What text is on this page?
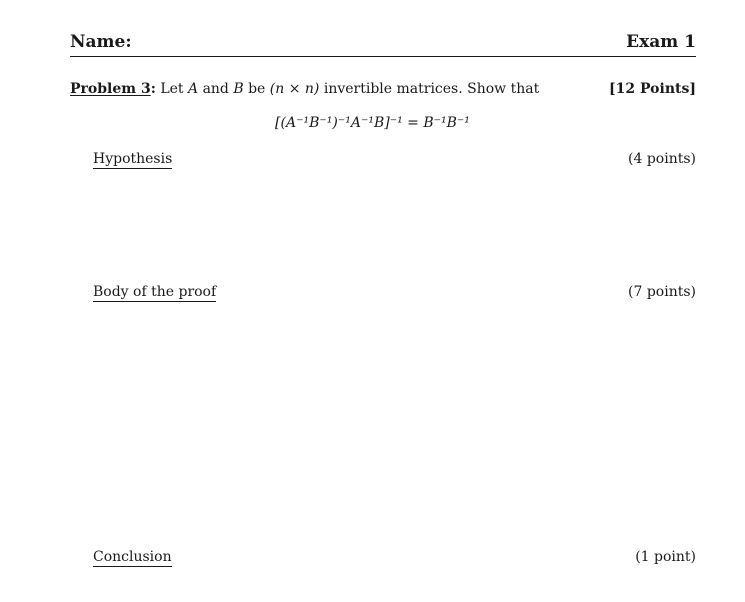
Name:	Exam 1
Problem 3: Let A and B be (n × n) invertible matrices. Show that	[12 Points]
[(A⁻¹B⁻¹)⁻¹A⁻¹B]⁻¹ = B⁻¹B⁻¹
Hypothesis	(4 points)
Body of the proof	(7 points)
Conclusion	(1 point)
